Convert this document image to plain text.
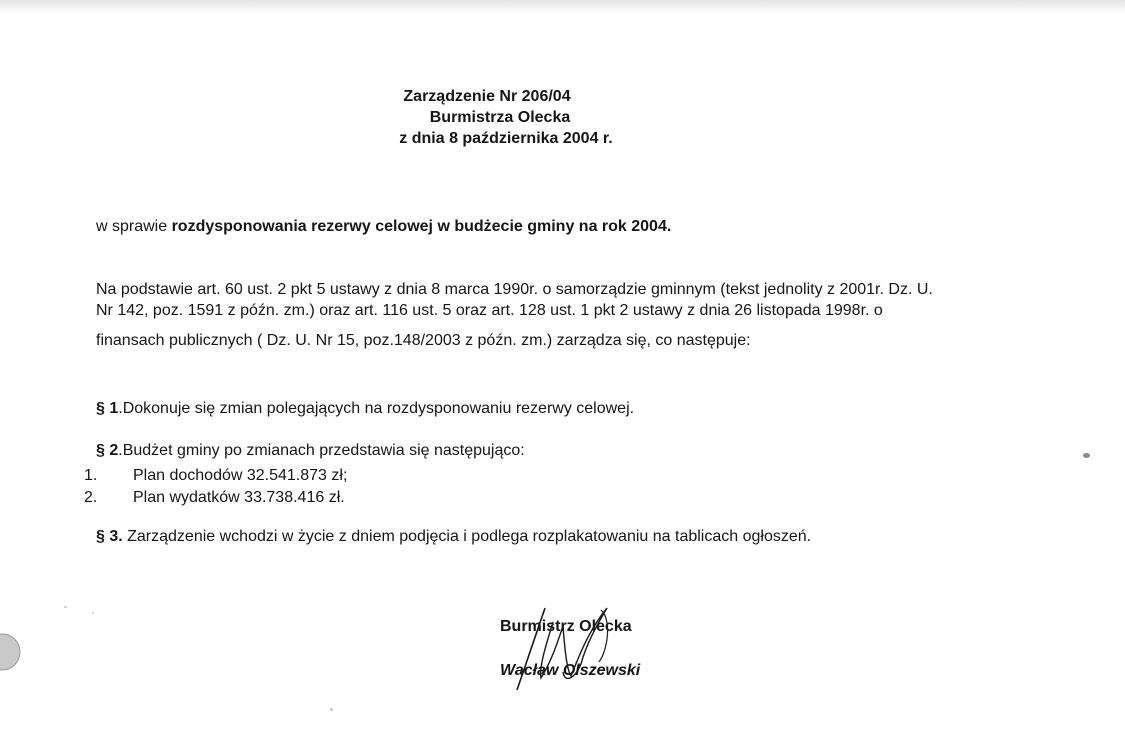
Zarządzenie Nr 206/04
Burmistrza Olecka
z dnia 8 października 2004 r.
w sprawie rozdysponowania rezerwy celowej w budżecie gminy na rok 2004.
Na podstawie art. 60 ust. 2 pkt 5 ustawy z dnia 8 marca 1990r. o samorządzie gminnym (tekst jednolity z 2001r. Dz. U.
Nr 142, poz. 1591 z późn. zm.) oraz art. 116 ust. 5 oraz art. 128 ust. 1 pkt 2 ustawy z dnia 26 listopada 1998r. o
finansach publicznych ( Dz. U. Nr 15, poz.148/2003 z późn. zm.) zarządza się, co następuje:
§ 1.Dokonuje się zmian polegających na rozdysponowaniu rezerwy celowej.
§ 2.Budżet gminy po zmianach przedstawia się następująco:
1. Plan dochodów 32.541.873 zł;
2. Plan wydatków 33.738.416 zł.
§ 3. Zarządzenie wchodzi w życie z dniem podjęcia i podlega rozplakatowaniu na tablicach ogłoszeń.
Burmistrz Olecka
Wacław Olszewski
